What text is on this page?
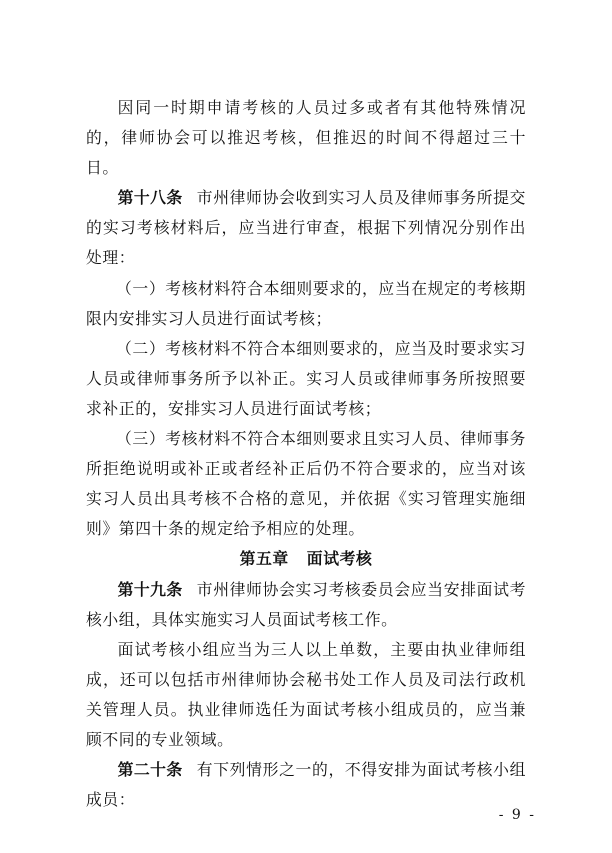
因同一时期申请考核的人员过多或者有其他特殊情况的，律师协会可以推迟考核，但推迟的时间不得超过三十日。

第十八条 市州律师协会收到实习人员及律师事务所提交的实习考核材料后，应当进行审查，根据下列情况分别作出处理：

（一）考核材料符合本细则要求的，应当在规定的考核期限内安排实习人员进行面试考核；

（二）考核材料不符合本细则要求的，应当及时要求实习人员或律师事务所予以补正。实习人员或律师事务所按照要求补正的，安排实习人员进行面试考核；

（三）考核材料不符合本细则要求且实习人员、律师事务所拒绝说明或补正或者经补正后仍不符合要求的，应当对该实习人员出具考核不合格的意见，并依据《实习管理实施细则》第四十条的规定给予相应的处理。

第五章 面试考核

第十九条 市州律师协会实习考核委员会应当安排面试考核小组，具体实施实习人员面试考核工作。

面试考核小组应当为三人以上单数，主要由执业律师组成，还可以包括市州律师协会秘书处工作人员及司法行政机关管理人员。执业律师选任为面试考核小组成员的，应当兼顾不同的专业领域。

第二十条 有下列情形之一的，不得安排为面试考核小组成员：

- 9 -
